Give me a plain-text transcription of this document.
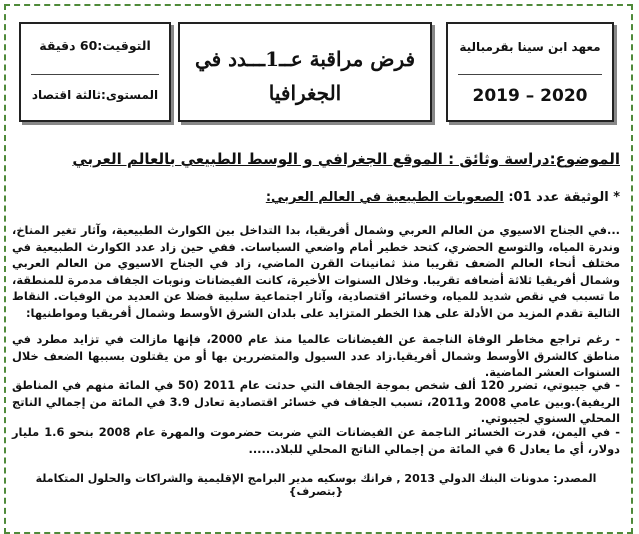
معهد ابن سينا بقرمبالية
2020 – 2019
فرض مراقبة عــ1ـــدد في الجغرافيا
التوقيت:60 دقيقة
المستوى:ثالثة اقتصاد
الموضوع:دراسة وثائق : الموقع الجغرافي و الوسط الطبيعي بالعالم العربي
* الوثيقة عدد 01: الصعوبات الطبيعية في العالم العربي:
...في الجناح الاسيوي من العالم العربي وشمال أفريقيا، بدا التداخل بين الكوارث الطبيعية، وآثار تغير المناخ، وندرة المياه، والتوسع الحضري، كتحد خطير أمام واضعي السياسات. ففي حين زاد عدد الكوارث الطبيعية في مختلف أنحاء العالم الضعف تقريبا منذ ثمانينات القرن الماضي، زاد في الجناح الاسيوي من العالم العربي وشمال أفريقيا ثلاثة أضعافه تقريبا. وخلال السنوات الأخيرة، كانت الفيضانات ونوبات الجفاف مدمرة للمنطقة، ما تسبب في نقص شديد للمياه، وخسائر اقتصادية، وآثار اجتماعية سلبية فضلا عن العديد من الوفيات. النقاط التالية تقدم المزيد من الأدلة على هذا الخطر المتزايد على بلدان الشرق الأوسط وشمال أفريقيا ومواطنيها:
- رغم تراجع مخاطر الوفاة الناجمة عن الفيضانات عالميا منذ عام 2000، فإنها مازالت في تزايد مطرد في مناطق كالشرق الأوسط وشمال أفريقيا.زاد عدد السيول والمتضررين بها أو من يقتلون بسببها الضعف خلال السنوات العشر الماضية.
- في جيبوتي، تضرر 120 ألف شخص بموجة الجفاف التي حدثت عام 2011 (50 في المائة منهم في المناطق الريفية).وبين عامي 2008 و2011، تسبب الجفاف في خسائر اقتصادية تعادل 3.9 في المائة من إجمالي الناتج المحلي السنوي لجيبوتي.
- في اليمن، قدرت الخسائر الناجمة عن الفيضانات التي ضربت حضرموت والمهرة عام 2008 بنحو 1.6 مليار دولار، أي ما يعادل 6 في المائة من إجمالي الناتج المحلي للبلاد......
المصدر: مدونات البنك الدولي 2013 , فرانك بوسكيه مدير البرامج الإقليمية والشراكات والحلول المتكاملة {بتصرف}
